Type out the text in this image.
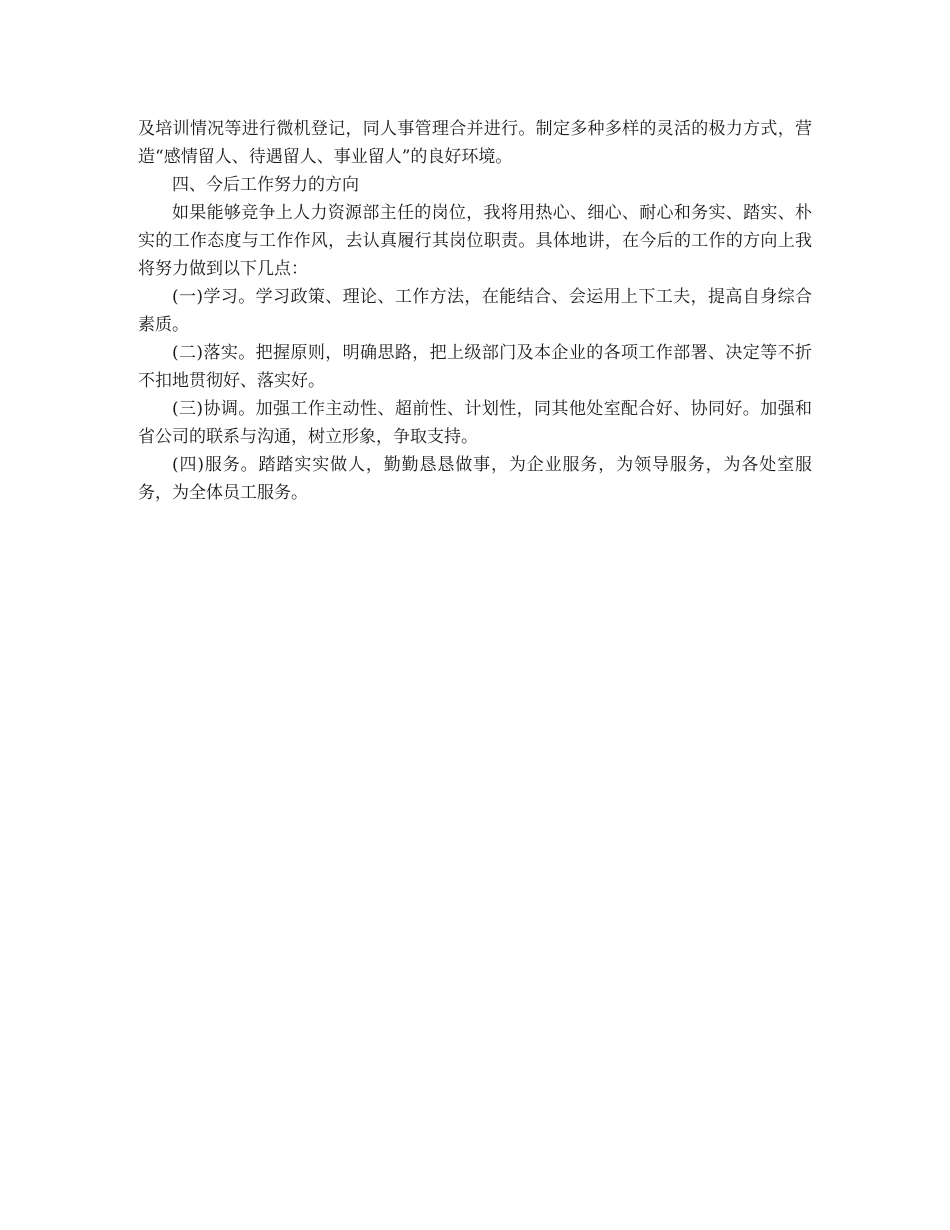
及培训情况等进行微机登记，同人事管理合并进行。制定多种多样的灵活的极力方式，营造“感情留人、待遇留人、事业留人”的良好环境。

四、今后工作努力的方向

如果能够竞争上人力资源部主任的岗位，我将用热心、细心、耐心和务实、踏实、朴实的工作态度与工作作风，去认真履行其岗位职责。具体地讲，在今后的工作的方向上我将努力做到以下几点：

(一)学习。学习政策、理论、工作方法，在能结合、会运用上下工夫，提高自身综合素质。

(二)落实。把握原则，明确思路，把上级部门及本企业的各项工作部署、决定等不折不扣地贯彻好、落实好。

(三)协调。加强工作主动性、超前性、计划性，同其他处室配合好、协同好。加强和省公司的联系与沟通，树立形象，争取支持。

(四)服务。踏踏实实做人，勤勤恳恳做事，为企业服务，为领导服务，为各处室服务，为全体员工服务。
